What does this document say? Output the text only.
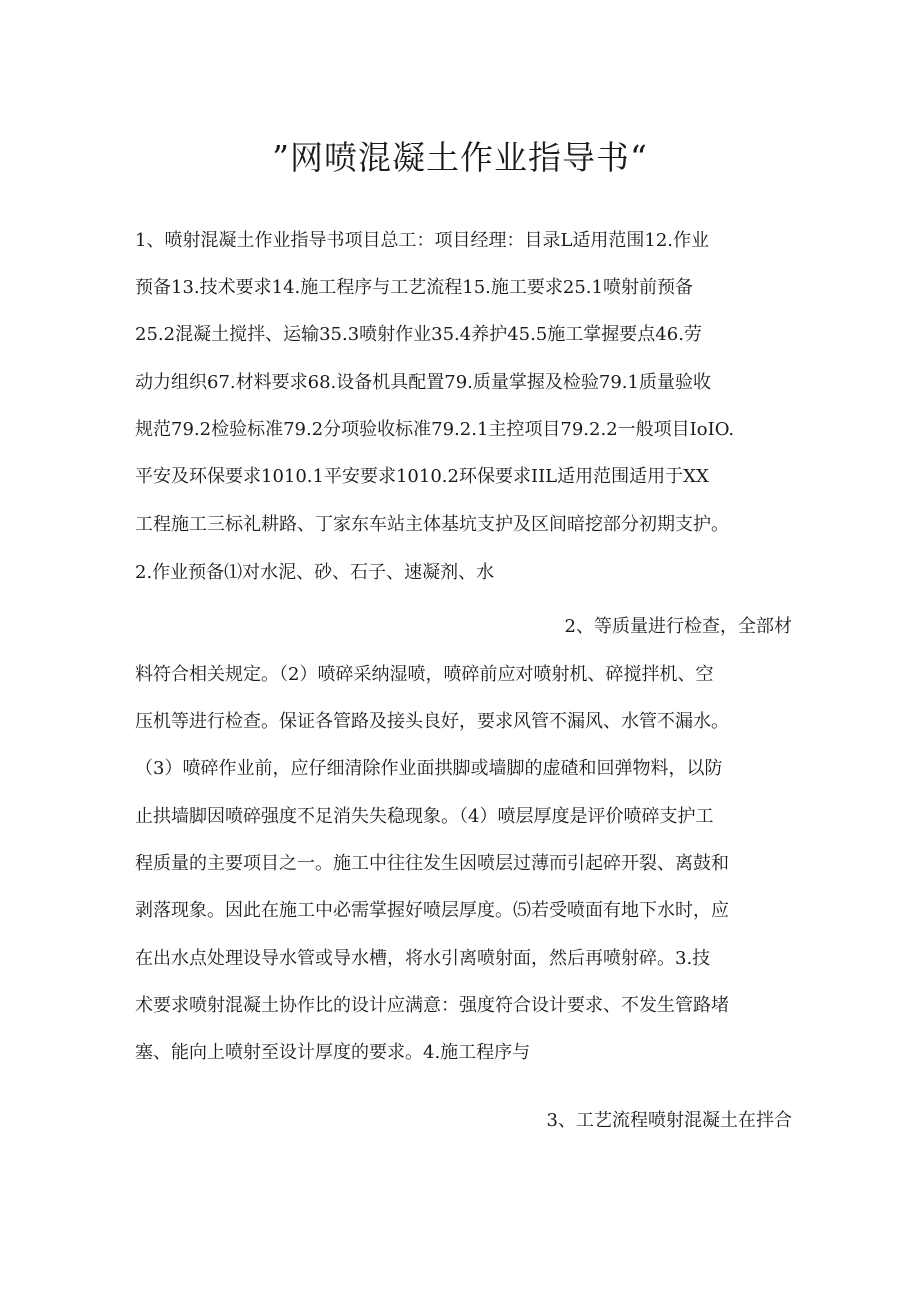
”网喷混凝土作业指导书“
1、喷射混凝土作业指导书项目总工：项目经理：目录L适用范围12.作业
预备13.技术要求14.施工程序与工艺流程15.施工要求25.1喷射前预备
25.2混凝土搅拌、运输35.3喷射作业35.4养护45.5施工掌握要点46.劳
动力组织67.材料要求68.设备机具配置79.质量掌握及检验79.1质量验收
规范79.2检验标准79.2分项验收标准79.2.1主控项目79.2.2一般项目IoIO.
平安及环保要求1010.1平安要求1010.2环保要求IIL适用范围适用于XX
工程施工三标礼耕路、丁家东车站主体基坑支护及区间暗挖部分初期支护。
2.作业预备⑴对水泥、砂、石子、速凝剂、水
2、等质量进行检查，全部材
料符合相关规定。（2）喷碎采纳湿喷，喷碎前应对喷射机、碎搅拌机、空
压机等进行检查。保证各管路及接头良好，要求风管不漏风、水管不漏水。
（3）喷碎作业前，应仔细清除作业面拱脚或墙脚的虚碴和回弹物料，以防
止拱墙脚因喷碎强度不足消失失稳现象。（4）喷层厚度是评价喷碎支护工
程质量的主要项目之一。施工中往往发生因喷层过薄而引起碎开裂、离鼓和
剥落现象。因此在施工中必需掌握好喷层厚度。⑸若受喷面有地下水时，应
在出水点处理设导水管或导水槽，将水引离喷射面，然后再喷射碎。3.技
术要求喷射混凝土协作比的设计应满意：强度符合设计要求、不发生管路堵
塞、能向上喷射至设计厚度的要求。4.施工程序与
3、工艺流程喷射混凝土在拌合
